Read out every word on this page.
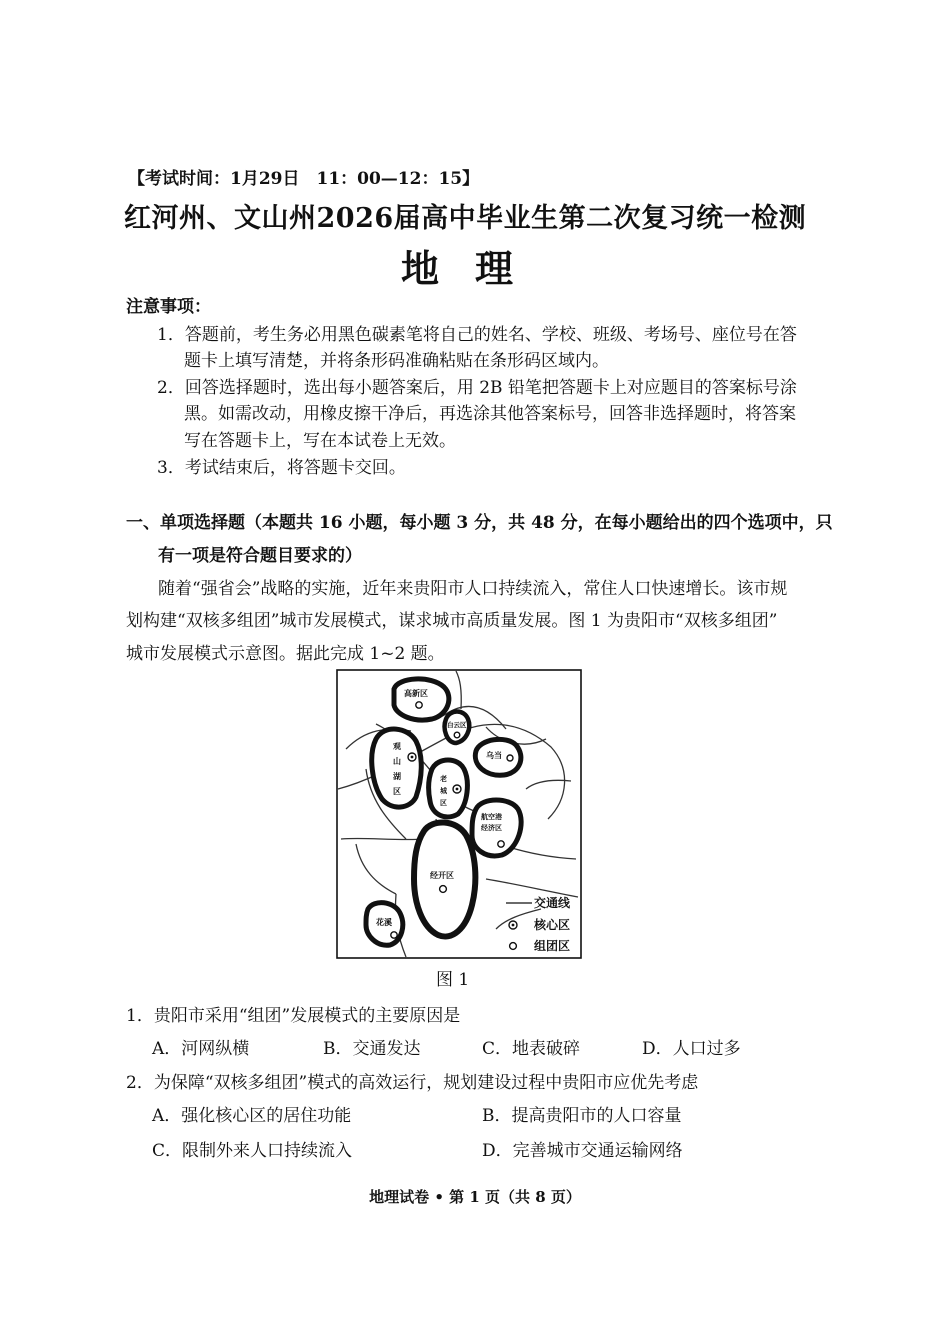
【考试时间：1月29日　11：00—12：15】
红河州、文山州2026届高中毕业生第二次复习统一检测
地理
注意事项：
1．答题前，考生务必用黑色碳素笔将自己的姓名、学校、班级、考场号、座位号在答
题卡上填写清楚，并将条形码准确粘贴在条形码区域内。
2．回答选择题时，选出每小题答案后，用 2B 铅笔把答题卡上对应题目的答案标号涂
黑。如需改动，用橡皮擦干净后，再选涂其他答案标号，回答非选择题时，将答案
写在答题卡上，写在本试卷上无效。
3．考试结束后，将答题卡交回。
一、单项选择题（本题共 16 小题，每小题 3 分，共 48 分，在每小题给出的四个选项中，只
有一项是符合题目要求的）
随着“强省会”战略的实施，近年来贵阳市人口持续流入，常住人口快速增长。该市规
划构建“双核多组团”城市发展模式，谋求城市高质量发展。图 1 为贵阳市“双核多组团”
城市发展模式示意图。据此完成 1~2 题。
高新区
白云区
观
山
湖
区
老
城
区
乌当
航空港
经济区
经开区
花溪
交通线
核心区
组团区
图 1
1．贵阳市采用“组团”发展模式的主要原因是
A．河网纵横	B．交通发达	C．地表破碎	D．人口过多
2．为保障“双核多组团”模式的高效运行，规划建设过程中贵阳市应优先考虑
A．强化核心区的居住功能	B．提高贵阳市的人口容量
C．限制外来人口持续流入	D．完善城市交通运输网络
地理试卷 • 第 1 页（共 8 页）
